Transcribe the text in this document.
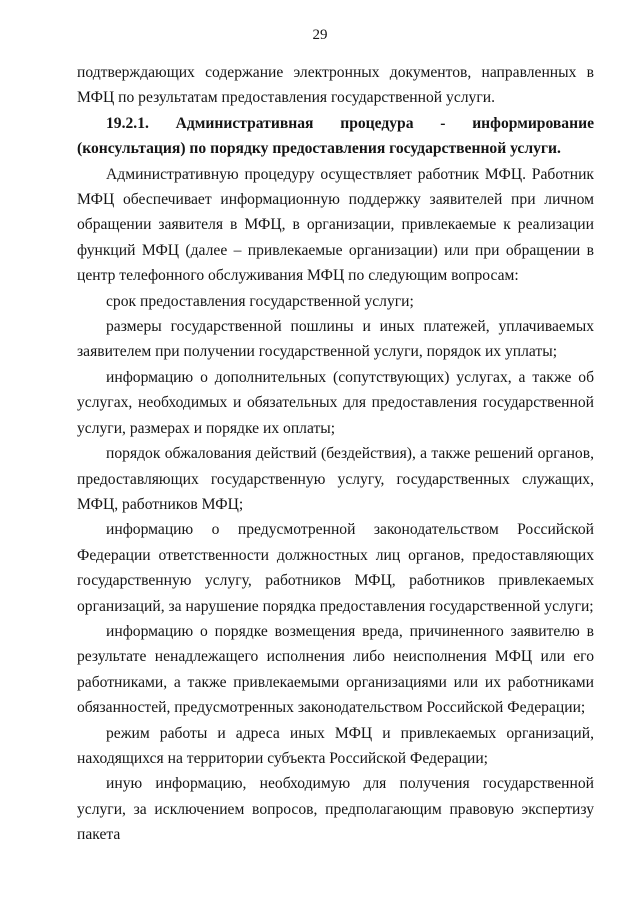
29

подтверждающих содержание электронных документов, направленных в МФЦ по результатам предоставления государственной услуги.

19.2.1. Административная процедура - информирование (консультация) по порядку предоставления государственной услуги.

Административную процедуру осуществляет работник МФЦ. Работник МФЦ обеспечивает информационную поддержку заявителей при личном обращении заявителя в МФЦ, в организации, привлекаемые к реализации функций МФЦ (далее – привлекаемые организации) или при обращении в центр телефонного обслуживания МФЦ по следующим вопросам:

срок предоставления государственной услуги;

размеры государственной пошлины и иных платежей, уплачиваемых заявителем при получении государственной услуги, порядок их уплаты;

информацию о дополнительных (сопутствующих) услугах, а также об услугах, необходимых и обязательных для предоставления государственной услуги, размерах и порядке их оплаты;

порядок обжалования действий (бездействия), а также решений органов, предоставляющих государственную услугу, государственных служащих, МФЦ, работников МФЦ;

информацию о предусмотренной законодательством Российской Федерации ответственности должностных лиц органов, предоставляющих государственную услугу, работников МФЦ, работников привлекаемых организаций, за нарушение порядка предоставления государственной услуги;

информацию о порядке возмещения вреда, причиненного заявителю в результате ненадлежащего исполнения либо неисполнения МФЦ или его работниками, а также привлекаемыми организациями или их работниками обязанностей, предусмотренных законодательством Российской Федерации;

режим работы и адреса иных МФЦ и привлекаемых организаций, находящихся на территории субъекта Российской Федерации;

иную информацию, необходимую для получения государственной услуги, за исключением вопросов, предполагающим правовую экспертизу пакета
